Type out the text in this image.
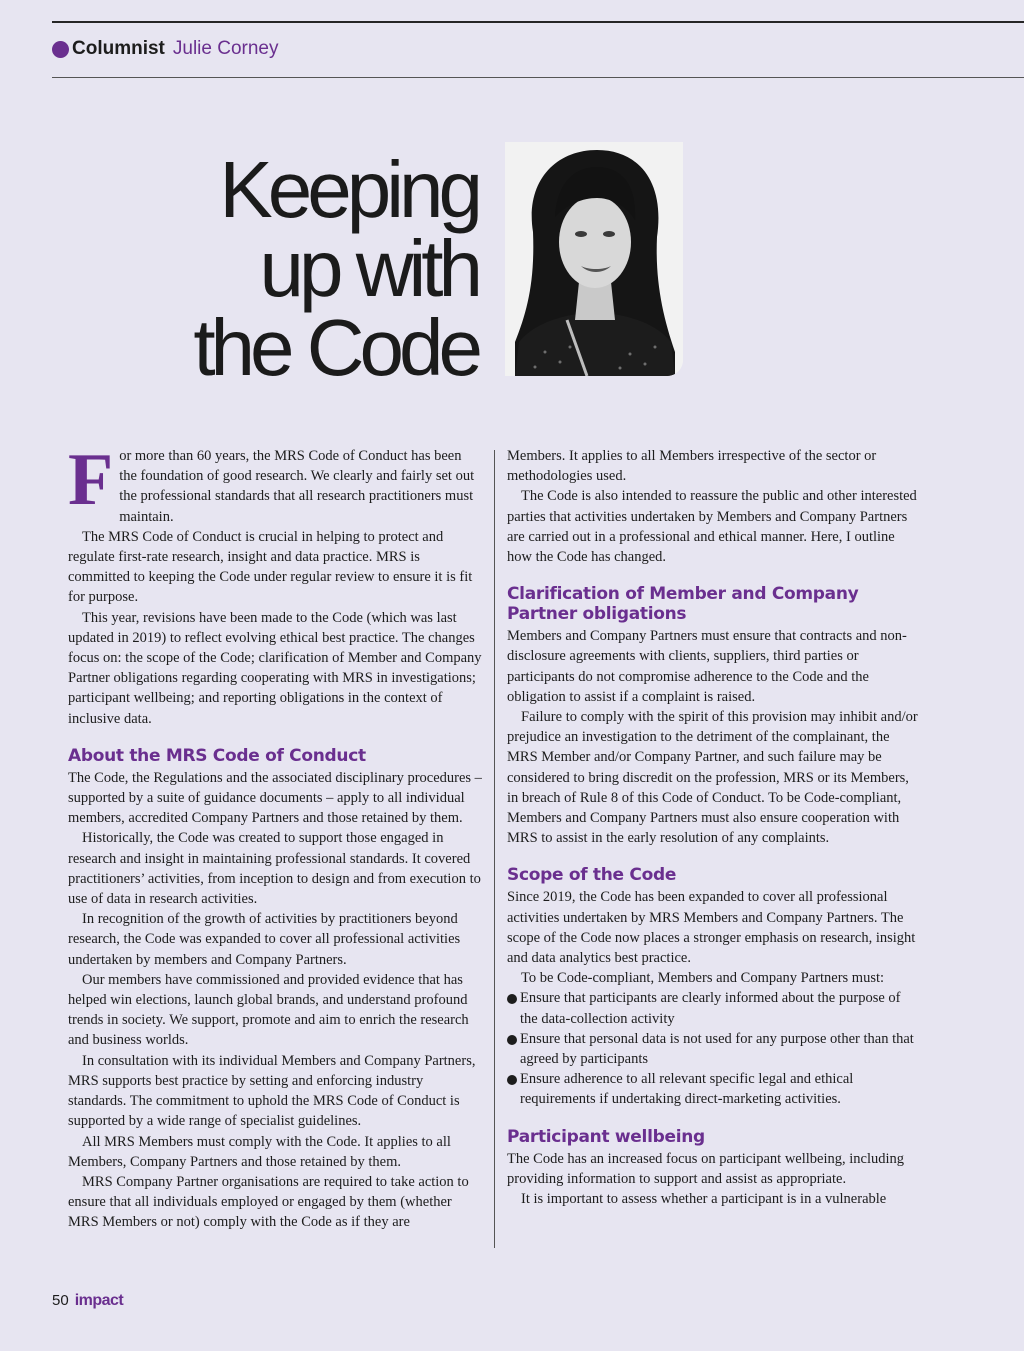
Columnist Julie Corney
Keeping
up with
the Code
F or more than 60 years, the MRS Code of Conduct has been the foundation of good research. We clearly and fairly set out the professional standards that all research practitioners must maintain.

The MRS Code of Conduct is crucial in helping to protect and regulate first-rate research, insight and data practice. MRS is committed to keeping the Code under regular review to ensure it is fit for purpose.

This year, revisions have been made to the Code (which was last updated in 2019) to reflect evolving ethical best practice. The changes focus on: the scope of the Code; clarification of Member and Company Partner obligations regarding cooperating with MRS in investigations; participant wellbeing; and reporting obligations in the context of inclusive data.

About the MRS Code of Conduct

The Code, the Regulations and the associated disciplinary procedures – supported by a suite of guidance documents – apply to all individual members, accredited Company Partners and those retained by them.

Historically, the Code was created to support those engaged in research and insight in maintaining professional standards. It covered practitioners’ activities, from inception to design and from execution to use of data in research activities.

In recognition of the growth of activities by practitioners beyond research, the Code was expanded to cover all professional activities undertaken by members and Company Partners.

Our members have commissioned and provided evidence that has helped win elections, launch global brands, and understand profound trends in society. We support, promote and aim to enrich the research and business worlds.

In consultation with its individual Members and Company Partners, MRS supports best practice by setting and enforcing industry standards. The commitment to uphold the MRS Code of Conduct is supported by a wide range of specialist guidelines.

All MRS Members must comply with the Code. It applies to all Members, Company Partners and those retained by them.

MRS Company Partner organisations are required to take action to ensure that all individuals employed or engaged by them (whether MRS Members or not) comply with the Code as if they are

Members. It applies to all Members irrespective of the sector or methodologies used.

The Code is also intended to reassure the public and other interested parties that activities undertaken by Members and Company Partners are carried out in a professional and ethical manner. Here, I outline how the Code has changed.

Clarification of Member and Company Partner obligations

Members and Company Partners must ensure that contracts and non-disclosure agreements with clients, suppliers, third parties or participants do not compromise adherence to the Code and the obligation to assist if a complaint is raised.

Failure to comply with the spirit of this provision may inhibit and/or prejudice an investigation to the detriment of the complainant, the MRS Member and/or Company Partner, and such failure may be considered to bring discredit on the profession, MRS or its Members, in breach of Rule 8 of this Code of Conduct. To be Code-compliant, Members and Company Partners must also ensure cooperation with MRS to assist in the early resolution of any complaints.

Scope of the Code

Since 2019, the Code has been expanded to cover all professional activities undertaken by MRS Members and Company Partners. The scope of the Code now places a stronger emphasis on research, insight and data analytics best practice.

To be Code-compliant, Members and Company Partners must:

Ensure that participants are clearly informed about the purpose of the data-collection activity
Ensure that personal data is not used for any purpose other than that agreed by participants
Ensure adherence to all relevant specific legal and ethical requirements if undertaking direct-marketing activities.
Participant wellbeing

The Code has an increased focus on participant wellbeing, including providing information to support and assist as appropriate.

It is important to assess whether a participant is in a vulnerable

50 impact
